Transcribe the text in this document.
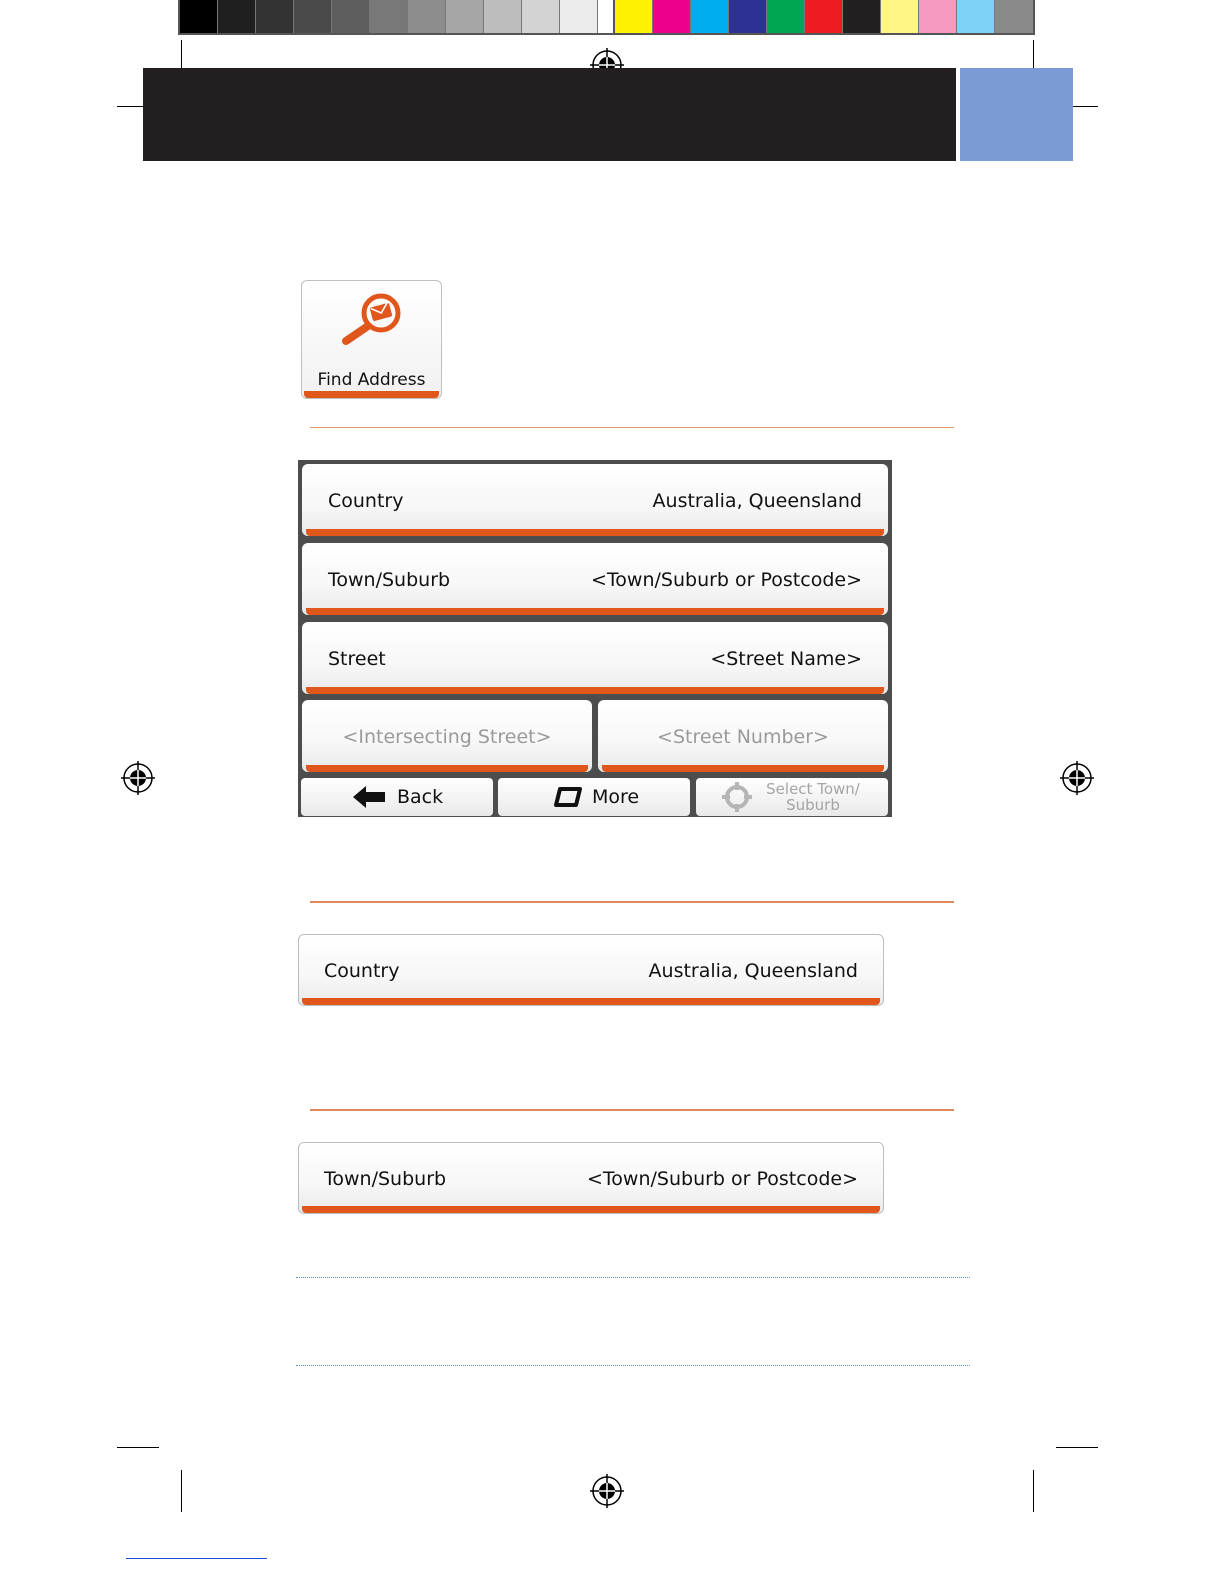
Find Address
Country	Australia, Queensland
Town/Suburb	<Town/Suburb or Postcode>
Street	<Street Name>
<Intersecting Street>	<Street Number>
Back	More	Select Town/
Suburb
Country	Australia, Queensland
Town/Suburb	<Town/Suburb or Postcode>
